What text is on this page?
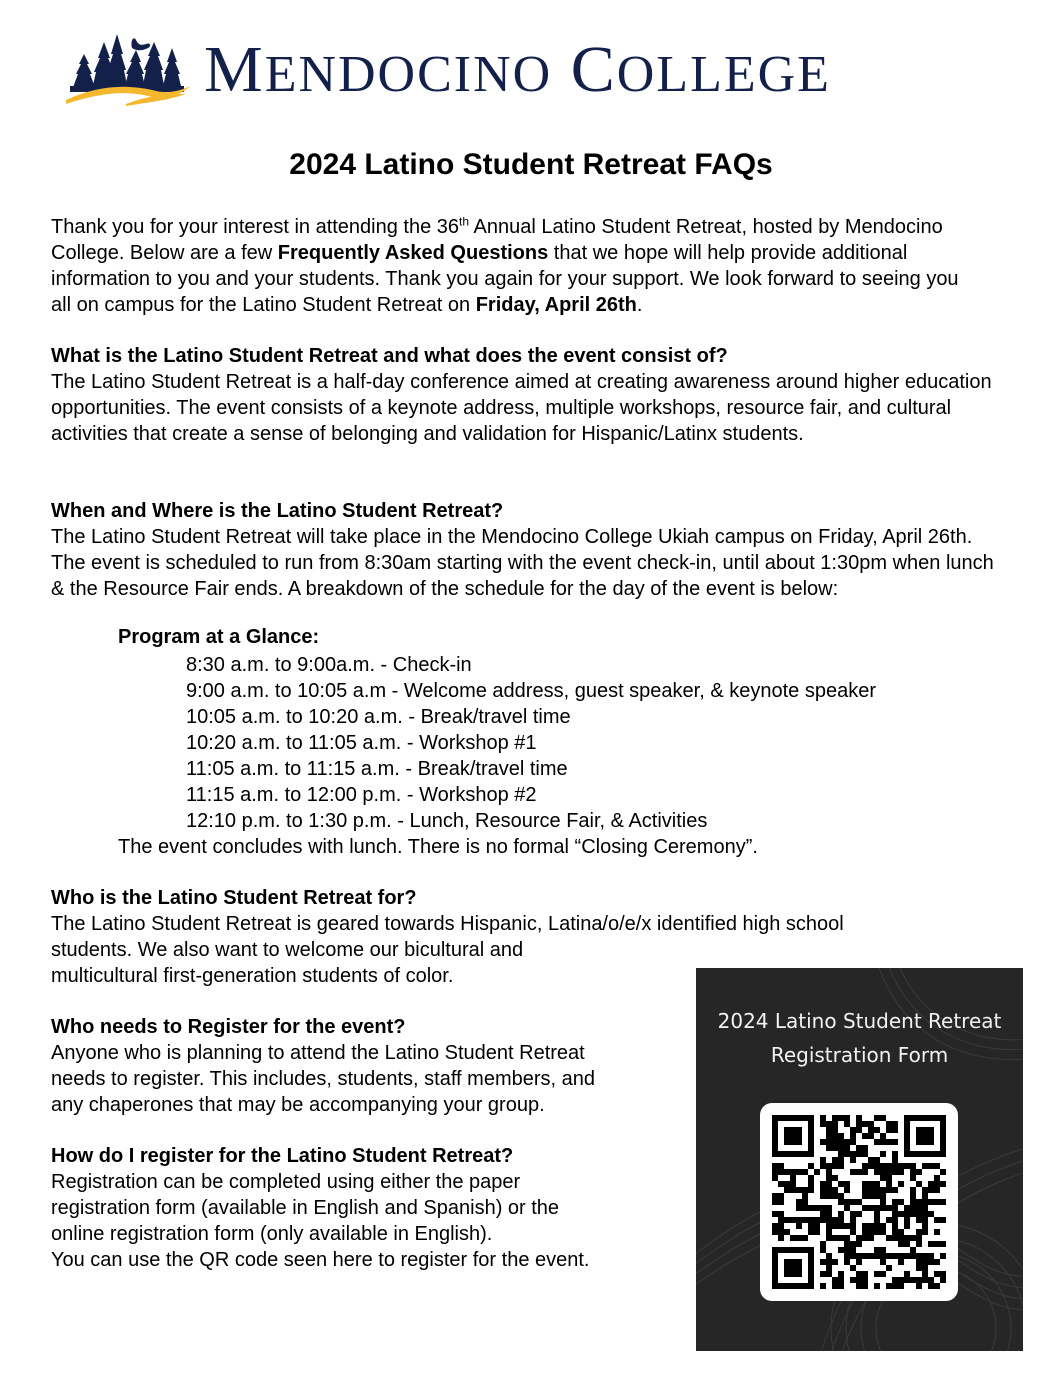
MENDOCINO COLLEGE
2024 Latino Student Retreat FAQs

Thank you for your interest in attending the 36th Annual Latino Student Retreat, hosted by Mendocino College. Below are a few Frequently Asked Questions that we hope will help provide additional information to you and your students. Thank you again for your support. We look forward to seeing you all on campus for the Latino Student Retreat on Friday, April 26th.

What is the Latino Student Retreat and what does the event consist of?
The Latino Student Retreat is a half-day conference aimed at creating awareness around higher education opportunities. The event consists of a keynote address, multiple workshops, resource fair, and cultural activities that create a sense of belonging and validation for Hispanic/Latinx students.

When and Where is the Latino Student Retreat?
The Latino Student Retreat will take place in the Mendocino College Ukiah campus on Friday, April 26th. The event is scheduled to run from 8:30am starting with the event check-in, until about 1:30pm when lunch & the Resource Fair ends. A breakdown of the schedule for the day of the event is below:

Program at a Glance:
8:30 a.m. to 9:00a.m. - Check-in
9:00 a.m. to 10:05 a.m - Welcome address, guest speaker, & keynote speaker
10:05 a.m. to 10:20 a.m. - Break/travel time
10:20 a.m. to 11:05 a.m. - Workshop #1
11:05 a.m. to 11:15 a.m. - Break/travel time
11:15 a.m. to 12:00 p.m. - Workshop #2
12:10 p.m. to 1:30 p.m. - Lunch, Resource Fair, & Activities
The event concludes with lunch. There is no formal “Closing Ceremony”.

Who is the Latino Student Retreat for?
The Latino Student Retreat is geared towards Hispanic, Latina/o/e/x identified high school
students. We also want to welcome our bicultural and
multicultural first-generation students of color.

Who needs to Register for the event?
Anyone who is planning to attend the Latino Student Retreat
needs to register. This includes, students, staff members, and
any chaperones that may be accompanying your group.

How do I register for the Latino Student Retreat?
Registration can be completed using either the paper
registration form (available in English and Spanish) or the
online registration form (only available in English).
You can use the QR code seen here to register for the event.

2024 Latino Student Retreat
Registration Form
